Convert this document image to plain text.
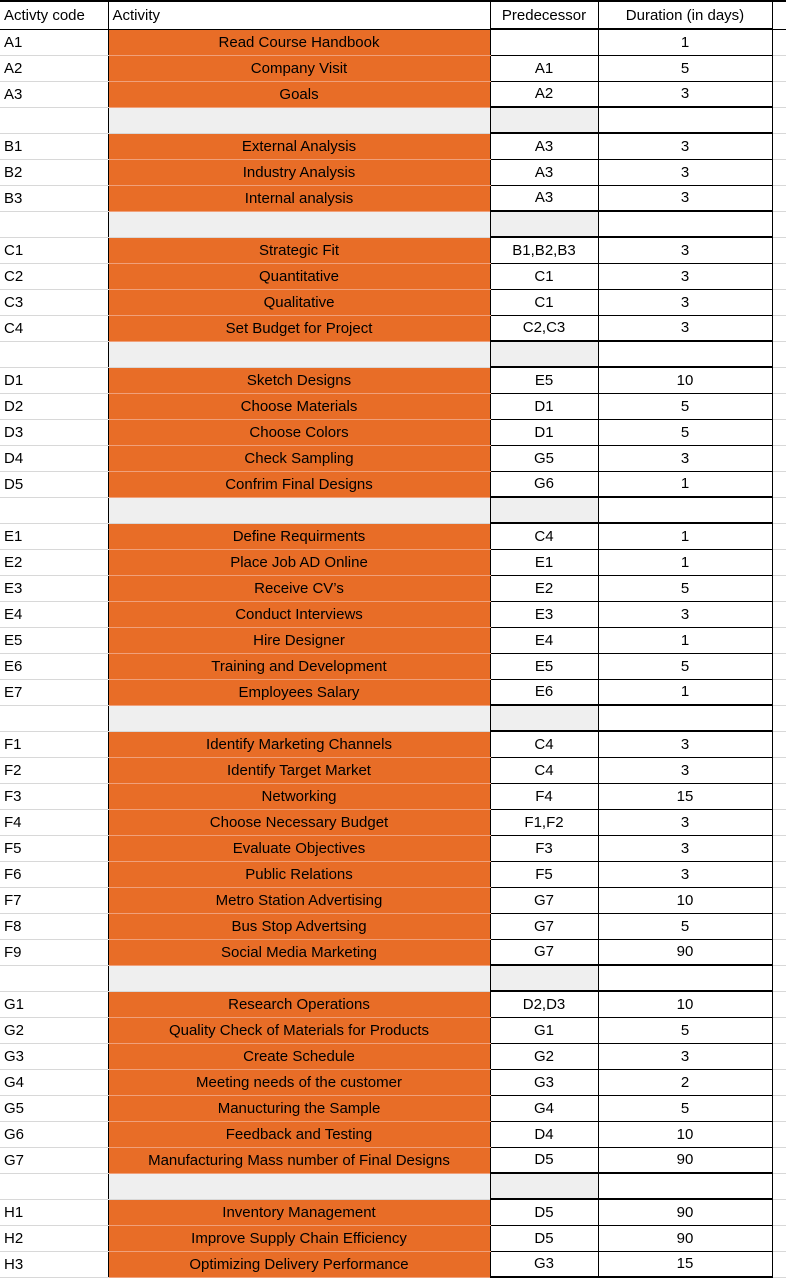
Activty code	Activity	Predecessor	Duration (in days)	
A1	Read Course Handbook		1	
A2	Company Visit	A1	5	
A3	Goals	A2	3	

B1	External Analysis	A3	3	
B2	Industry Analysis	A3	3	
B3	Internal analysis	A3	3	

C1	Strategic Fit	B1,B2,B3	3	
C2	Quantitative	C1	3	
C3	Qualitative	C1	3	
C4	Set Budget for Project	C2,C3	3	

D1	Sketch Designs	E5	10	
D2	Choose Materials	D1	5	
D3	Choose Colors	D1	5	
D4	Check Sampling	G5	3	
D5	Confrim Final Designs	G6	1	

E1	Define Requirments	C4	1	
E2	Place Job AD Online	E1	1	
E3	Receive CV’s	E2	5	
E4	Conduct Interviews	E3	3	
E5	Hire Designer	E4	1	
E6	Training and Development	E5	5	
E7	Employees Salary	E6	1	

F1	Identify Marketing Channels	C4	3	
F2	Identify Target Market	C4	3	
F3	Networking	F4	15	
F4	Choose Necessary Budget	F1,F2	3	
F5	Evaluate Objectives	F3	3	
F6	Public Relations	F5	3	
F7	Metro Station Advertising	G7	10	
F8	Bus Stop Advertsing	G7	5	
F9	Social Media Marketing	G7	90	

G1	Research Operations	D2,D3	10	
G2	Quality Check of Materials for Products	G1	5	
G3	Create Schedule	G2	3	
G4	Meeting needs of the customer	G3	2	
G5	Manucturing the Sample	G4	5	
G6	Feedback and Testing	D4	10	
G7	Manufacturing Mass number of Final Designs	D5	90	

H1	Inventory Management	D5	90	
H2	Improve Supply Chain Efficiency	D5	90	
H3	Optimizing Delivery Performance	G3	15	
